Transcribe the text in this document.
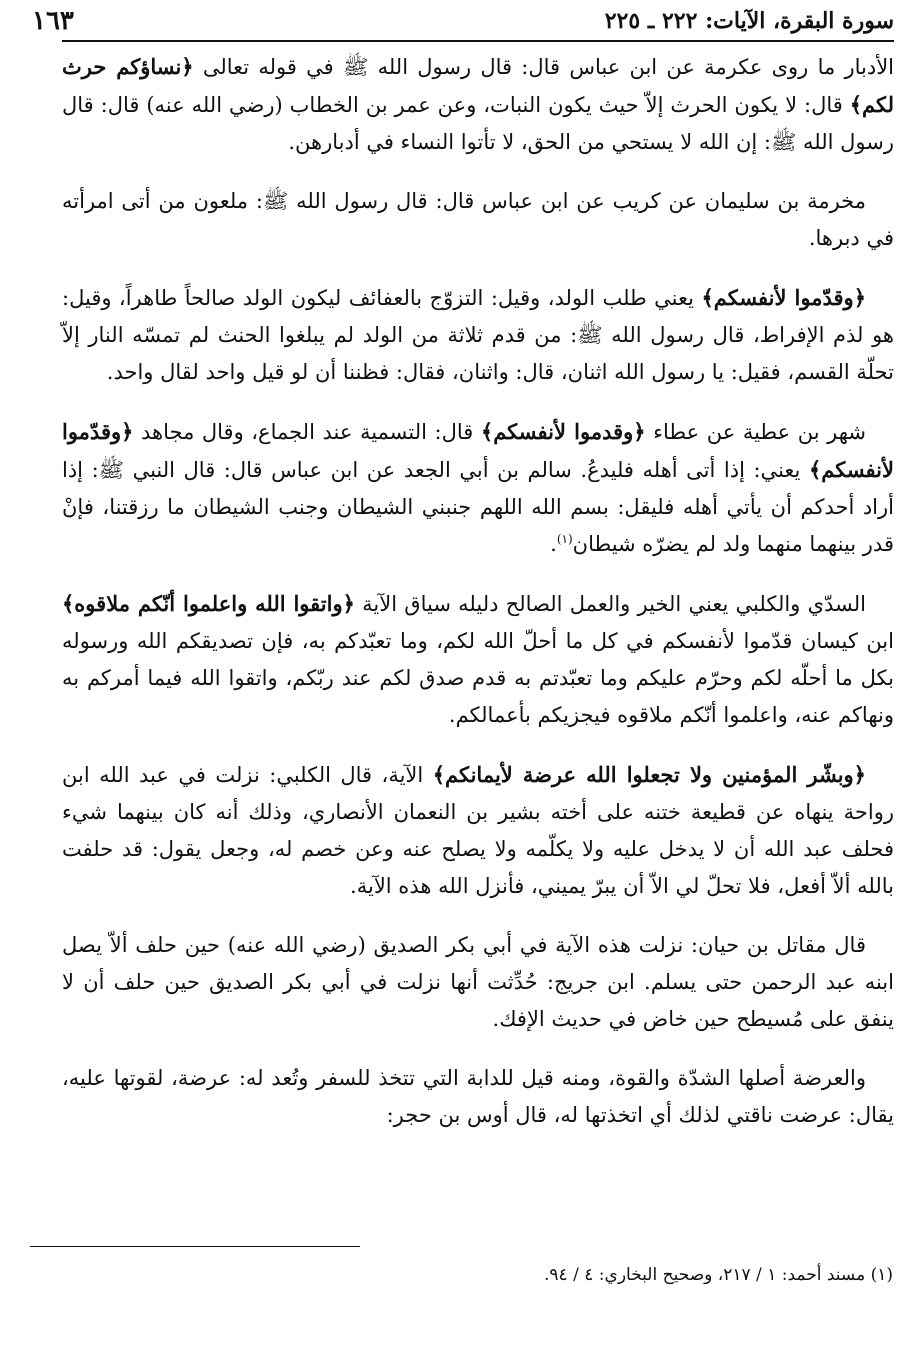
سورة البقرة، الآيات: ٢٢٢ ـ ٢٢٥
١٦٣

الأدبار ما روى عكرمة عن ابن عباس قال: قال رسول الله ﷺ في قوله تعالى ﴿نساؤكم حرث لكم﴾ قال: لا يكون الحرث إلاّ حيث يكون النبات، وعن عمر بن الخطاب (رضي الله عنه) قال: قال رسول الله ﷺ: إن الله لا يستحي من الحق، لا تأتوا النساء في أدبارهن.

مخرمة بن سليمان عن كريب عن ابن عباس قال: قال رسول الله ﷺ: ملعون من أتى امرأته في دبرها.

﴿وقدّموا لأنفسكم﴾ يعني طلب الولد، وقيل: التزوّج بالعفائف ليكون الولد صالحاً طاهراً، وقيل: هو لذم الإفراط، قال رسول الله ﷺ: من قدم ثلاثة من الولد لم يبلغوا الحنث لم تمسّه النار إلاّ تحلّة القسم، فقيل: يا رسول الله اثنان، قال: واثنان، فقال: فظننا أن لو قيل واحد لقال واحد.

شهر بن عطية عن عطاء ﴿وقدموا لأنفسكم﴾ قال: التسمية عند الجماع، وقال مجاهد ﴿وقدّموا لأنفسكم﴾ يعني: إذا أتى أهله فليدعُ. سالم بن أبي الجعد عن ابن عباس قال: قال النبي ﷺ: إذا أراد أحدكم أن يأتي أهله فليقل: بسم الله اللهم جنبني الشيطان وجنب الشيطان ما رزقتنا، فإنْ قدر بينهما منهما ولد لم يضرّه شيطان$^{(١)}$.

السدّي والكلبي يعني الخير والعمل الصالح دليله سياق الآية ﴿واتقوا الله واعلموا أنّكم ملاقوه﴾ ابن كيسان قدّموا لأنفسكم في كل ما أحلّ الله لكم، وما تعبّدكم به، فإن تصديقكم الله ورسوله بكل ما أحلّه لكم وحرّم عليكم وما تعبّدتم به قدم صدق لكم عند ربّكم، واتقوا الله فيما أمركم به ونهاكم عنه، واعلموا أنّكم ملاقوه فيجزيكم بأعمالكم.

﴿وبشّر المؤمنين ولا تجعلوا الله عرضة لأيمانكم﴾ الآية، قال الكلبي: نزلت في عبد الله ابن رواحة ينهاه عن قطيعة ختنه على أخته بشير بن النعمان الأنصاري، وذلك أنه كان بينهما شيء فحلف عبد الله أن لا يدخل عليه ولا يكلّمه ولا يصلح عنه وعن خصم له، وجعل يقول: قد حلفت بالله ألاّ أفعل، فلا تحلّ لي الاّ أن يبرّ يميني، فأنزل الله هذه الآية.

قال مقاتل بن حيان: نزلت هذه الآية في أبي بكر الصديق (رضي الله عنه) حين حلف ألاّ يصل ابنه عبد الرحمن حتى يسلم. ابن جريج: حُدِّثت أنها نزلت في أبي بكر الصديق حين حلف أن لا ينفق على مُسيطح حين خاض في حديث الإفك.

والعرضة أصلها الشدّة والقوة، ومنه قيل للدابة التي تتخذ للسفر وتُعد له: عرضة، لقوتها عليه، يقال: عرضت ناقتي لذلك أي اتخذتها له، قال أوس بن حجر:

(١) مسند أحمد: ١ / ٢١٧، وصحيح البخاري: ٤ / ٩٤.
